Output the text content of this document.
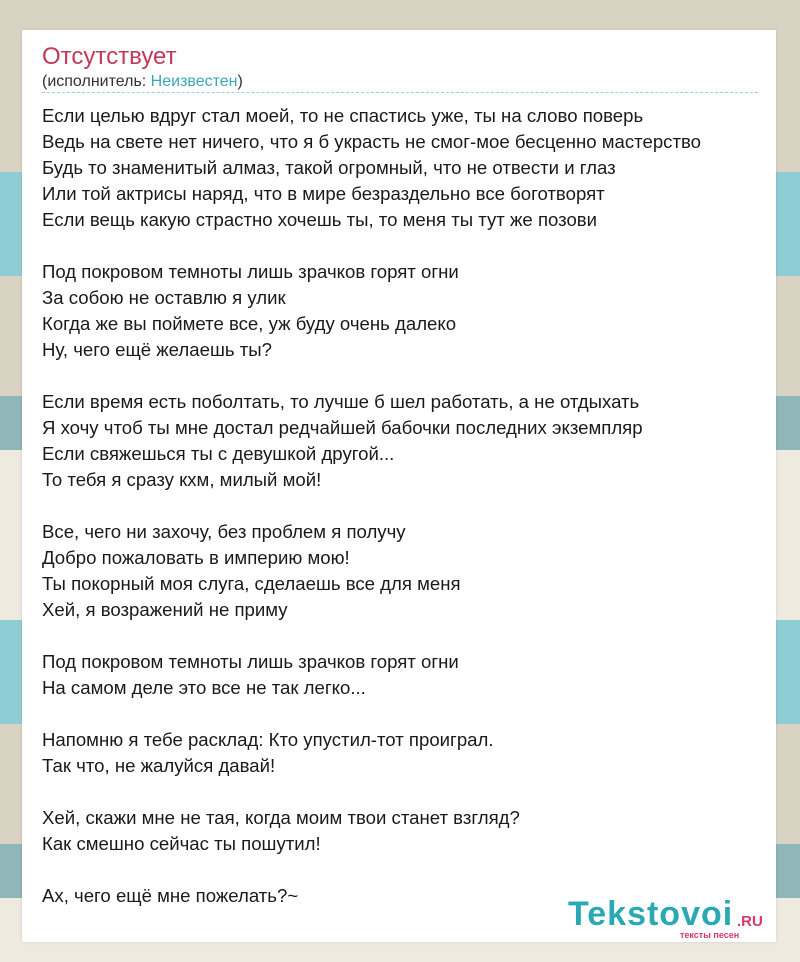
Отсутствует
(исполнитель: Неизвестен)
Если целью вдруг стал моей, то не спастись уже, ты на слово поверь
Ведь на свете нет ничего, что я б украсть не смог-мое бесценно мастерство
Будь то знаменитый алмаз, такой огромный, что не отвести и глаз
Или той актрисы наряд, что в мире безраздельно все боготворят
Если вещь какую страстно хочешь ты, то меня ты тут же позови
Под покровом темноты лишь зрачков горят огни
За собою не оставлю я улик
Когда же вы поймете все, уж буду очень далеко
Ну, чего ещё желаешь ты?
Если время есть поболтать, то лучше б шел работать, а не отдыхать
Я хочу чтоб ты мне достал редчайшей бабочки последних экземпляр
Если свяжешься ты с девушкой другой...
То тебя я сразу кхм, милый мой!
Все, чего ни захочу, без проблем я получу
Добро пожаловать в империю мою!
Ты покорный моя слуга, сделаешь все для меня
Хей, я возражений не приму
Под покровом темноты лишь зрачков горят огни
На самом деле это все не так легко...
Напомню я тебе расклад: Кто упустил-тот проиграл.
Так что, не жалуйся давай!
Хей, скажи мне не тая, когда моим твои станет взгляд?
Как смешно сейчас ты пошутил!
Ах, чего ещё мне пожелать?~	Tekstovoi .RU
тексты песен
